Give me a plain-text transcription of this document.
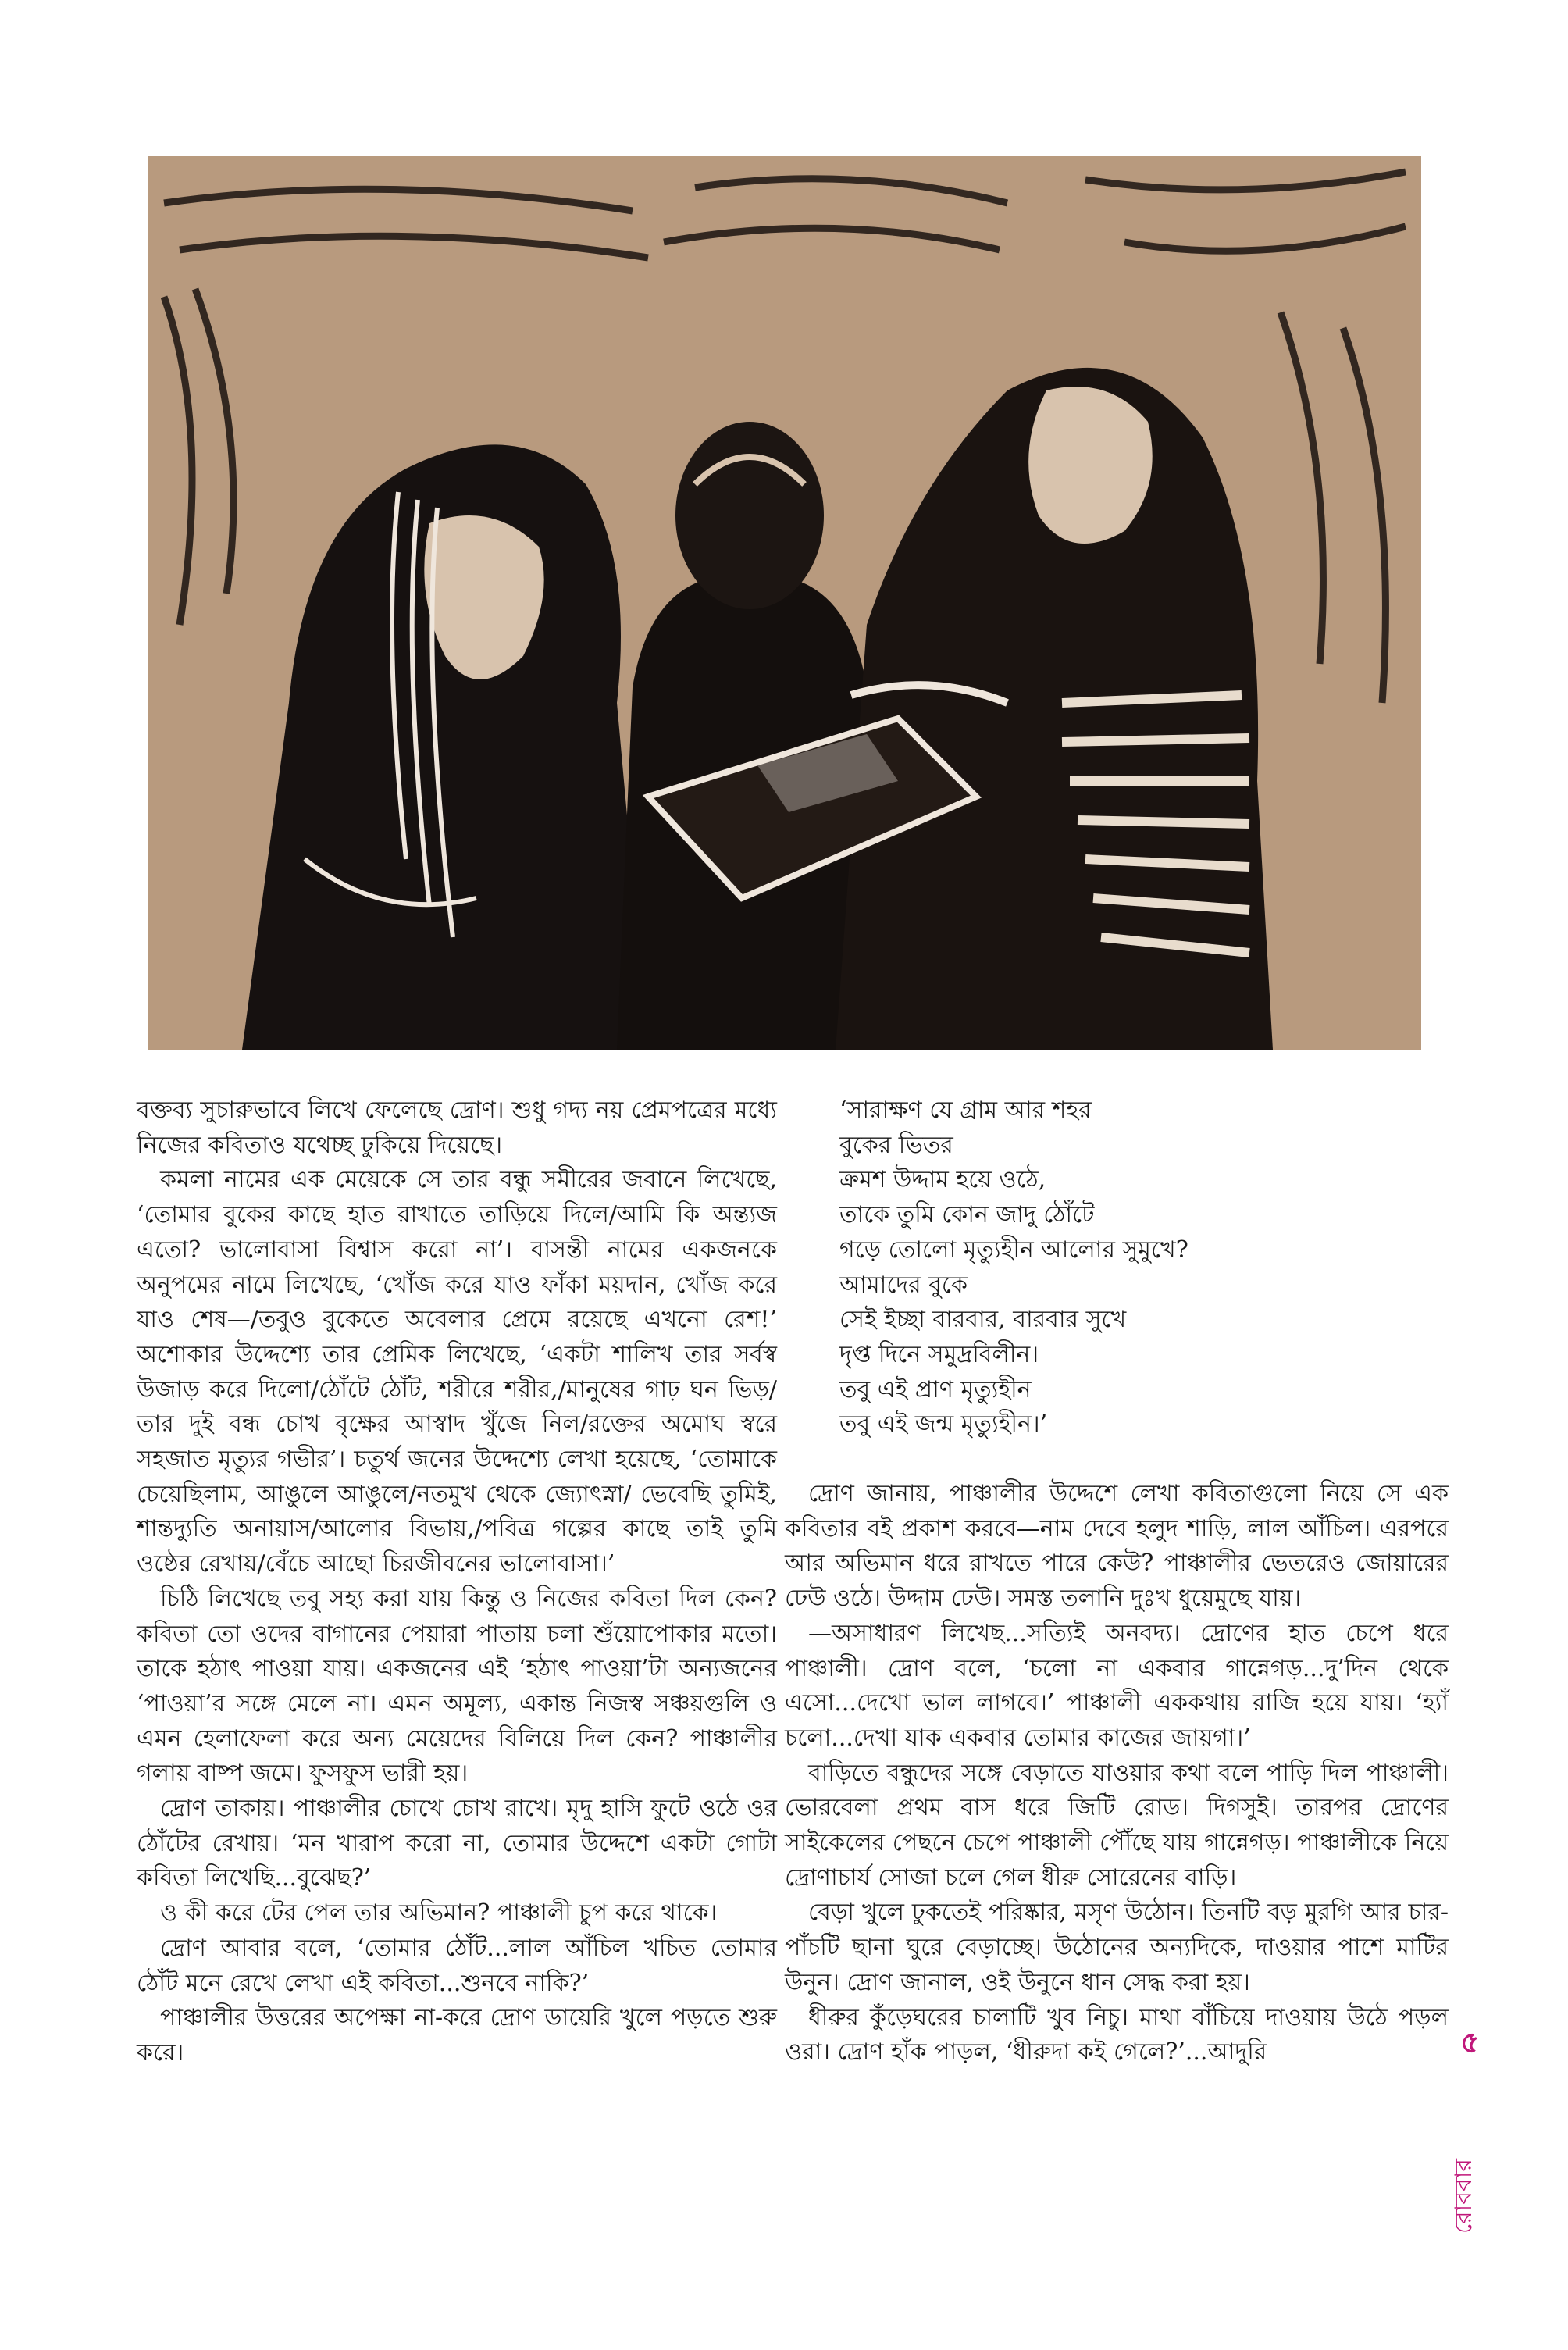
বক্তব্য সুচারুভাবে লিখে ফেলেছে দ্রোণ। শুধু গদ্য নয় প্রেমপত্রের মধ্যে নিজের কবিতাও যথেচ্ছ ঢুকিয়ে দিয়েছে।

কমলা নামের এক মেয়েকে সে তার বন্ধু সমীরের জবানে লিখেছে, ‘তোমার বুকের কাছে হাত রাখাতে তাড়িয়ে দিলে/আমি কি অন্ত্যজ এতো? ভালোবাসা বিশ্বাস করো না’। বাসন্তী নামের একজনকে অনুপমের নামে লিখেছে, ‘খোঁজ করে যাও ফাঁকা ময়দান, খোঁজ করে যাও শেষ—/তবুও বুকেতে অবেলার প্রেমে রয়েছে এখনো রেশ!’ অশোকার উদ্দেশ্যে তার প্রেমিক লিখেছে, ‘একটা শালিখ তার সর্বস্ব উজাড় করে দিলো/ঠোঁটে ঠোঁট, শরীরে শরীর,/মানুষের গাঢ় ঘন ভিড়/তার দুই বন্ধ চোখ বৃক্ষের আস্বাদ খুঁজে নিল/রক্তের অমোঘ স্বরে সহজাত মৃত্যুর গভীর’। চতুর্থ জনের উদ্দেশ্যে লেখা হয়েছে, ‘তোমাকে চেয়েছিলাম, আঙুলে আঙুলে/নতমুখ থেকে জ্যোৎস্না/ ভেবেছি তুমিই, শান্তদ্যুতি অনায়াস/আলোর বিভায়,/পবিত্র গল্পের কাছে তাই তুমি ওষ্ঠের রেখায়/বেঁচে আছো চিরজীবনের ভালোবাসা।’

চিঠি লিখেছে তবু সহ্য করা যায় কিন্তু ও নিজের কবিতা দিল কেন? কবিতা তো ওদের বাগানের পেয়ারা পাতায় চলা শুঁয়োপোকার মতো। তাকে হঠাৎ পাওয়া যায়। একজনের এই ‘হঠাৎ পাওয়া’টা অন্যজনের ‘পাওয়া’র সঙ্গে মেলে না। এমন অমূল্য, একান্ত নিজস্ব সঞ্চয়গুলি ও এমন হেলাফেলা করে অন্য মেয়েদের বিলিয়ে দিল কেন? পাঞ্চালীর গলায় বাষ্প জমে। ফুসফুস ভারী হয়।

দ্রোণ তাকায়। পাঞ্চালীর চোখে চোখ রাখে। মৃদু হাসি ফুটে ওঠে ওর ঠোঁটের রেখায়। ‘মন খারাপ করো না, তোমার উদ্দেশে একটা গোটা কবিতা লিখেছি...বুঝেছ?’

ও কী করে টের পেল তার অভিমান? পাঞ্চালী চুপ করে থাকে।

দ্রোণ আবার বলে, ‘তোমার ঠোঁট...লাল আঁচিল খচিত তোমার ঠোঁট মনে রেখে লেখা এই কবিতা...শুনবে নাকি?’

পাঞ্চালীর উত্তরের অপেক্ষা না-করে দ্রোণ ডায়েরি খুলে পড়তে শুরু করে।

‘সারাক্ষণ যে গ্রাম আর শহর
বুকের ভিতর
ক্রমশ উদ্দাম হয়ে ওঠে,
তাকে তুমি কোন জাদু ঠোঁটে
গড়ে তোলো মৃত্যুহীন আলোর সুমুখে?
আমাদের বুকে
সেই ইচ্ছা বারবার, বারবার সুখে
দৃপ্ত দিনে সমুদ্রবিলীন।
তবু এই প্রাণ মৃত্যুহীন
তবু এই জন্ম মৃত্যুহীন।’

দ্রোণ জানায়, পাঞ্চালীর উদ্দেশে লেখা কবিতাগুলো নিয়ে সে এক কবিতার বই প্রকাশ করবে—নাম দেবে হলুদ শাড়ি, লাল আঁচিল। এরপরে আর অভিমান ধরে রাখতে পারে কেউ? পাঞ্চালীর ভেতরেও জোয়ারের ঢেউ ওঠে। উদ্দাম ঢেউ। সমস্ত তলানি দুঃখ ধুয়েমুছে যায়।

—অসাধারণ লিখেছ...সত্যিই অনবদ্য। দ্রোণের হাত চেপে ধরে পাঞ্চালী। দ্রোণ বলে, ‘চলো না একবার গান্নেগড়...দু’দিন থেকে এসো...দেখো ভাল লাগবে।’ পাঞ্চালী এককথায় রাজি হয়ে যায়। ‘হ্যাঁ চলো...দেখা যাক একবার তোমার কাজের জায়গা।’

বাড়িতে বন্ধুদের সঙ্গে বেড়াতে যাওয়ার কথা বলে পাড়ি দিল পাঞ্চালী। ভোরবেলা প্রথম বাস ধরে জিটি রোড। দিগসুই। তারপর দ্রোণের সাইকেলের পেছনে চেপে পাঞ্চালী পৌঁছে যায় গান্নেগড়। পাঞ্চালীকে নিয়ে দ্রোণাচার্য সোজা চলে গেল ধীরু সোরেনের বাড়ি।

বেড়া খুলে ঢুকতেই পরিষ্কার, মসৃণ উঠোন। তিনটি বড় মুরগি আর চার-পাঁচটি ছানা ঘুরে বেড়াচ্ছে। উঠোনের অন্যদিকে, দাওয়ার পাশে মাটির উনুন। দ্রোণ জানাল, ওই উনুনে ধান সেদ্ধ করা হয়।

ধীরুর কুঁড়েঘরের চালাটি খুব নিচু। মাথা বাঁচিয়ে দাওয়ায় উঠে পড়ল ওরা। দ্রোণ হাঁক পাড়ল, ‘ধীরুদা কই গেলে?’...আদুরি	৫
রোববার
